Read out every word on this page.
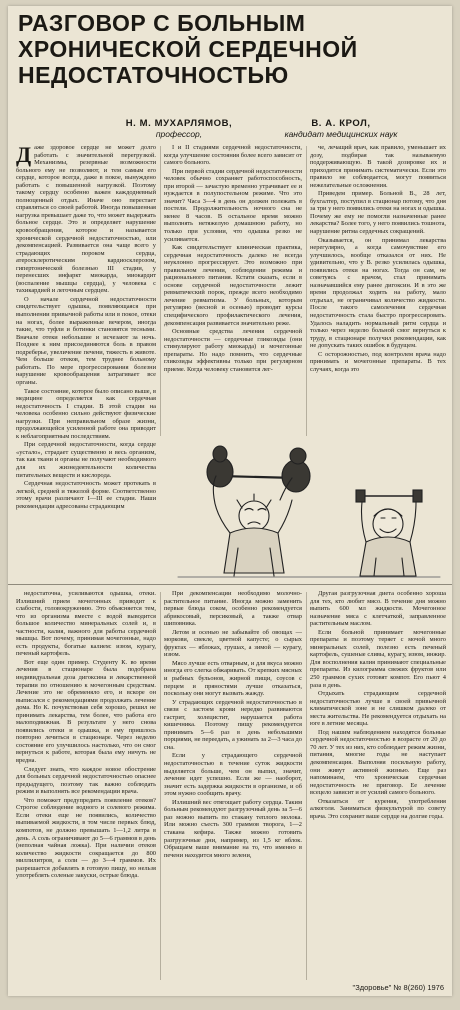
РАЗГОВОР С БОЛЬНЫМ
ХРОНИЧЕСКОЙ СЕРДЕЧНОЙ
НЕДОСТАТОЧНОСТЬЮ
Н. М. МУХАРЛЯМОВ,
профессор,
В. А. КРОЛ,
кандидат медицинских наук

Даже здоровое сердце не может долго работать с значительной перегрузкой. Механизмы, резервные возможности больного ему не позволяют, и тем самым его сердце, которое всегда, даже в покое, вынуждено работать с повышенной нагрузкой. Поэтому такому сердцу особенно важен каждодневный полноценный отдых. Иначе оно перестает справляться со своей работой. Иногда повышенная нагрузка превышает даже то, что может выдержать больное сердце. Это и определяет нарушение кровообращения, которое и называется хронической сердечной недостаточностью, или декомпенсацией. Развивается она чаще всего у страдающих пороком сердца, атеросклеротическим кардиосклерозом, гипертонической болезнью III стадии, у перенесших инфаркт миокарда, миокардит (воспаление мышцы сердца), у человека с тахикардией и легочным сердцем.

О начале сердечной недостаточности свидетельствует одышка, появляющаяся при выполнении привычной работы или в покое, отеки на ногах, более выраженные вечером, иногда такие, что туфли и ботинки становятся тесными. Вначале отеки небольшие и исчезают за ночь. Позднее к ним присоединяются боль в правом подреберье, увеличение печени, тяжесть в животе. Чем больше отеков, тем труднее больному работать. По мере прогрессирования болезни нарушение кровообращения затрагивает все органы.

Такое состояние, которое было описано выше, в медицине определяется как сердечная недостаточность I стадии. В этой стадии на человека особенно сильно действуют физические нагрузки. При неправильном образе жизни, продолжающейся усиленной работе она приводит к неблагоприятным последствиям.

При сердечной недостаточности, когда сердце «устало», страдает существенно и весь организм, так как ткани и органы не получают необходимого для их жизнедеятельности количества питательных веществ и кислорода.

Сердечная недостаточность может протекать в легкой, средней и тяжелой форме. Соответственно этому врачи различают I—III ее стадии. Наши рекомендации адресованы страдающим

I и II стадиями сердечной недостаточности, когда улучшение состояния более всего зависит от самого больного.

При первой стадии сердечной недостаточности человек обычно сохраняет работоспособность, при второй — зачастую временно утрачивает ее и нуждается в полупостельном режиме. Что это значит? Часа 3—4 в день он должен полежать в постели. Продолжительность ночного сна не менее 8 часов. В остальное время можно выполнять нетяжелую домашнюю работу, но только при условии, что одышка резко не усиливается.

Как свидетельствует клиническая практика, сердечная недостаточность далеко не всегда неуклонно прогрессирует. Это возможно при правильном лечении, соблюдении режима и рационального питания. Кстати сказать, если в основе сердечной недостаточности лежит ревматический порок, прежде всего необходимо лечение ревматизма. У больных, которым регулярно (весной и осенью) проводят курсы специфического профилактического лечения, декомпенсация развивается значительно реже.

Основные средства лечения сердечной недостаточности — сердечные гликозиды (они стимулируют работу миокарда) и мочегонные препараты. Но надо помнить, что сердечные гликозиды эффективны только при регулярном приеме. Когда человеку становится лег-

че, лечащий врач, как правило, уменьшает их дозу, подбирая так называемую поддерживающую. В такой дозировке их и приходится принимать систематически. Если это правило не соблюдается, могут появиться нежелательные осложнения.

Приведем пример. Больной В., 28 лет, бухгалтер, поступил в стационар потому, что дня за три у него появились отеки на ногах и одышка. Почему же ему не помогли назначенные ранее лекарства? Более того, у него появились тошнота, нарушение ритма сердечных сокращений.

Оказывается, он принимал лекарства нерегулярно, а когда самочувствие его улучшилось, вообще отказался от них. Не удивительно, что у В. резко усилилась одышка, появились отеки на ногах. Тогда он сам, не советуясь с врачом, стал принимать назначавшийся ему ранее дигоксин. И в это же время продолжал ходить на работу, мало отдыхал, не ограничивал количество жидкости. После такого самолечения сердечная недостаточность стала быстро прогрессировать. Удалось наладить нормальный ритм сердца и только через неделю больной смог вернуться к труду, в стационаре получил рекомендации, как не допускать таких ошибок в будущем.

С осторожностью, под контролем врача надо принимать и мочегонные препараты. В тех случаях, когда это

недостаточна, усиливаются одышка, отеки. Излишний прием мочегонных приводит к слабости, головокружению. Это объясняется тем, что из организма вместе с водой выводится большое количество минеральных солей и, в частности, калия, важного для работы сердечной мышцы. Вот почему, принимая мочегонные, надо есть продукты, богатые калием: изюм, курагу, печеный картофель.

Вот еще один пример. Студенту К. во время лечения в стационаре была подобрана индивидуальная доза дигоксина и лекарственной терапии по отношению к мочегонным средствам. Лечение это не обременяло его, и вскоре он выписался с рекомендациями продолжать лечение дома. Но К. почувствовав себя хорошо, решил не принимать лекарства, тем более, что работа его малоподвижная. В результате у него снова появились отеки и одышка, и ему пришлось повторно лечиться в стационаре. Через неделю состояние его улучшилось настолько, что он смог вернуться к работе, которая была ему ничуть не вредна.

Следует знать, что каждое новое обострение для больных сердечной недостаточностью опаснее предыдущего, поэтому так важно соблюдать режим и выполнять все рекомендации врача.

Что поможет предупредить появление отеков? Строгое соблюдение водного и солевого режима. Если отеки еще не появились, количество выпиваемой жидкости, в том числе первых блюд, компотов, не должно превышать 1—1,2 литра в день. А соль ограничивают до 5—6 граммов в день (неполная чайная ложка). При наличии отеков количество жидкости сокращается до 800 миллилитров, а соли — до 3—4 граммов. Их разрешается добавлять в готовую пищу, но нельзя употреблять соленые закуски, острые блюда.

При декомпенсации необходимо молочно-растительное питание. Иногда можно заменить первые блюда соком, особенно рекомендуется абрикосовый, персиковый, а также отвар шиповника.

Летом и осенью не забывайте об овощах — моркови, свекле, цветной капусте; о сырых фруктах — яблоках, грушах, а зимой — курагу, изюм.

Мясо лучше есть отварным, и для вкуса можно иногда его слегка обжаривать. От крепких мясных и рыбных бульонов, жирной пищи, соусов с перцем и пряностями лучше отказаться, поскольку они могут вызвать жажду.

У страдающих сердечной недостаточностью в связи с застоем крови нередко развиваются гастрит, холецистит, нарушается работа кишечника. Поэтому пищу рекомендуется принимать 5—6 раз в день небольшими порциями, не переедать, а ужинать за 2—3 часа до сна.

Если у страдающего сердечной недостаточностью в течение суток жидкости выделяется больше, чем он выпил, значит, лечение идет успешно. Если же — наоборот, значит есть задержка жидкости в организме, и об этом нужно сообщить врачу.

Излишний вес отягощает работу сердца. Таким больным рекомендуют разгрузочный день за 5—6 раз можно выпить по стакану теплого молока. Или можно съесть 300 граммов творога, 1—2 стакана кефира. Также можно готовить разгрузочные дни, например, из 1,5 кг яблок. Обращаем ваше внимание на то, что именно в печени находится много зелени,

Другая разгрузочная диета особенно хороша для тех, кто любит мясо. В течение дня можно выпить 600 мл жидкости. Мочегонное назначение мяса с клетчаткой, заправленное растительным маслом.

Если больной принимает мочегонные препараты и поэтому теряет с мочой много минеральных солей, полезно есть печеный картофель, сушеные сливы, курагу, изюм, инжир. Для восполнения калия принимают специальные препараты. Из килограмма свежих фруктов или 250 граммов сухих готовят компот. Его пьют 4 раза в день.

Отдыхать страдающим сердечной недостаточностью лучше в своей привычной климатической зоне и не слишком далеко от места жительства. Не рекомендуется отдыхать на юге в летние месяцы.

Под нашим наблюдением находятся больные сердечной недостаточностью в возрасте от 20 до 70 лет. У тех из них, кто соблюдает режим жизни, питания, многие годы не наступает декомпенсация. Выполняя посильную работу, они живут активной жизнью. Еще раз напоминаем, что хроническая сердечная недостаточность не приговор. Ее лечение всецело зависит и от усилий самого больного.

Отказаться от курения, употребления алкоголя. Заниматься физкультурой по совету врача. Это сохранит ваше сердце на долгие годы.

"Здоровье" № 8(260) 1976
